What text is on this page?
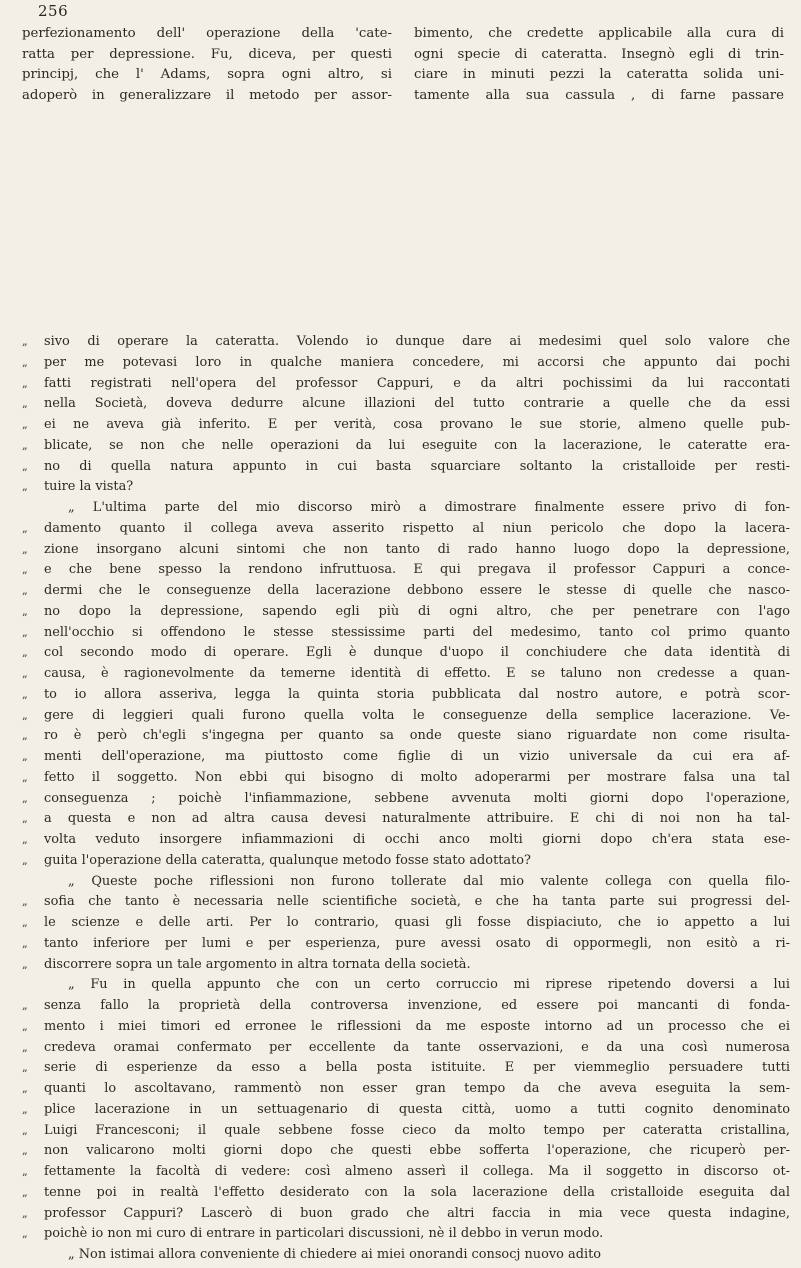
256
perfezionamento dell' operazione della 'cate-
ratta per depressione. Fu, diceva, per questi
principj, che l' Adams, sopra ogni altro, si
adoperò in generalizzare il metodo per assor-
bimento, che credette applicabile alla cura di
ogni specie di cateratta. Insegnò egli di trin-
ciare in minuti pezzi la cateratta solida uni-
tamente alla sua cassula , di farne passare
„	sivo di operare la cateratta. Volendo io dunque dare ai medesimi quel solo valore che
„	per me potevasi loro in qualche maniera concedere, mi accorsi che appunto dai pochi
„	fatti registrati nell'opera del professor Cappuri, e da altri pochissimi da lui raccontati
„	nella Società, doveva dedurre alcune illazioni del tutto contrarie a quelle che da essi
„	ei ne aveva già inferito. E per verità, cosa provano le sue storie, almeno quelle pub-
„	blicate, se non che nelle operazioni da lui eseguite con la lacerazione, le cateratte era-
„	no di quella natura appunto in cui basta squarciare soltanto la cristalloide per resti-
„	tuire la vista?
„ L'ultima parte del mio discorso mirò a dimostrare finalmente essere privo di fon-
„	damento quanto il collega aveva asserito rispetto al niun pericolo che dopo la lacera-
„	zione insorgano alcuni sintomi che non tanto di rado hanno luogo dopo la depressione,
„	e che bene spesso la rendono infruttuosa. E qui pregava il professor Cappuri a conce-
„	dermi che le conseguenze della lacerazione debbono essere le stesse di quelle che nasco-
„	no dopo la depressione, sapendo egli più di ogni altro, che per penetrare con l'ago
„	nell'occhio si offendono le stesse stessissime parti del medesimo, tanto col primo quanto
„	col secondo modo di operare. Egli è dunque d'uopo il conchiudere che data identità di
„	causa, è ragionevolmente da temerne identità di effetto. E se taluno non credesse a quan-
„	to io allora asseriva, legga la quinta storia pubblicata dal nostro autore, e potrà scor-
„	gere di leggieri quali furono quella volta le conseguenze della semplice lacerazione. Ve-
„	ro è però ch'egli s'ingegna per quanto sa onde queste siano riguardate non come risulta-
„	menti dell'operazione, ma piuttosto come figlie di un vizio universale da cui era af-
„	fetto il soggetto. Non ebbi qui bisogno di molto adoperarmi per mostrare falsa una tal
„	conseguenza ; poichè l'infiammazione, sebbene avvenuta molti giorni dopo l'operazione,
„	a questa e non ad altra causa devesi naturalmente attribuire. E chi di noi non ha tal-
„	volta veduto insorgere infiammazioni di occhi anco molti giorni dopo ch'era stata ese-
„	guita l'operazione della cateratta, qualunque metodo fosse stato adottato?
„ Queste poche riflessioni non furono tollerate dal mio valente collega con quella filo-
„	sofia che tanto è necessaria nelle scientifiche società, e che ha tanta parte sui progressi del-
„	le scienze e delle arti. Per lo contrario, quasi gli fosse dispiaciuto, che io appetto a lui
„	tanto inferiore per lumi e per esperienza, pure avessi osato di oppormegli, non esitò a ri-
„	discorrere sopra un tale argomento in altra tornata della società.
„ Fu in quella appunto che con un certo corruccio mi riprese ripetendo doversi a lui
„	senza fallo la proprietà della controversa invenzione, ed essere poi mancanti di fonda-
„	mento i miei timori ed erronee le riflessioni da me esposte intorno ad un processo che ei
„	credeva oramai confermato per eccellente da tante osservazioni, e da una così numerosa
„	serie di esperienze da esso a bella posta istituite. E per viemmeglio persuadere tutti
„	quanti lo ascoltavano, rammentò non esser gran tempo da che aveva eseguita la sem-
„	plice lacerazione in un settuagenario di questa città, uomo a tutti cognito denominato
„	Luigi Francesconi; il quale sebbene fosse cieco da molto tempo per cateratta cristallina,
„	non valicarono molti giorni dopo che questi ebbe sofferta l'operazione, che ricuperò per-
„	fettamente la facoltà di vedere: così almeno asserì il collega. Ma il soggetto in discorso ot-
„	tenne poi in realtà l'effetto desiderato con la sola lacerazione della cristalloide eseguita dal
„	professor Cappuri? Lascerò di buon grado che altri faccia in mia vece questa indagine,
„	poichè io non mi curo di entrare in particolari discussioni, nè il debbo in verun modo.
„ Non istimai allora conveniente di chiedere ai miei onorandi consocj nuovo adito
